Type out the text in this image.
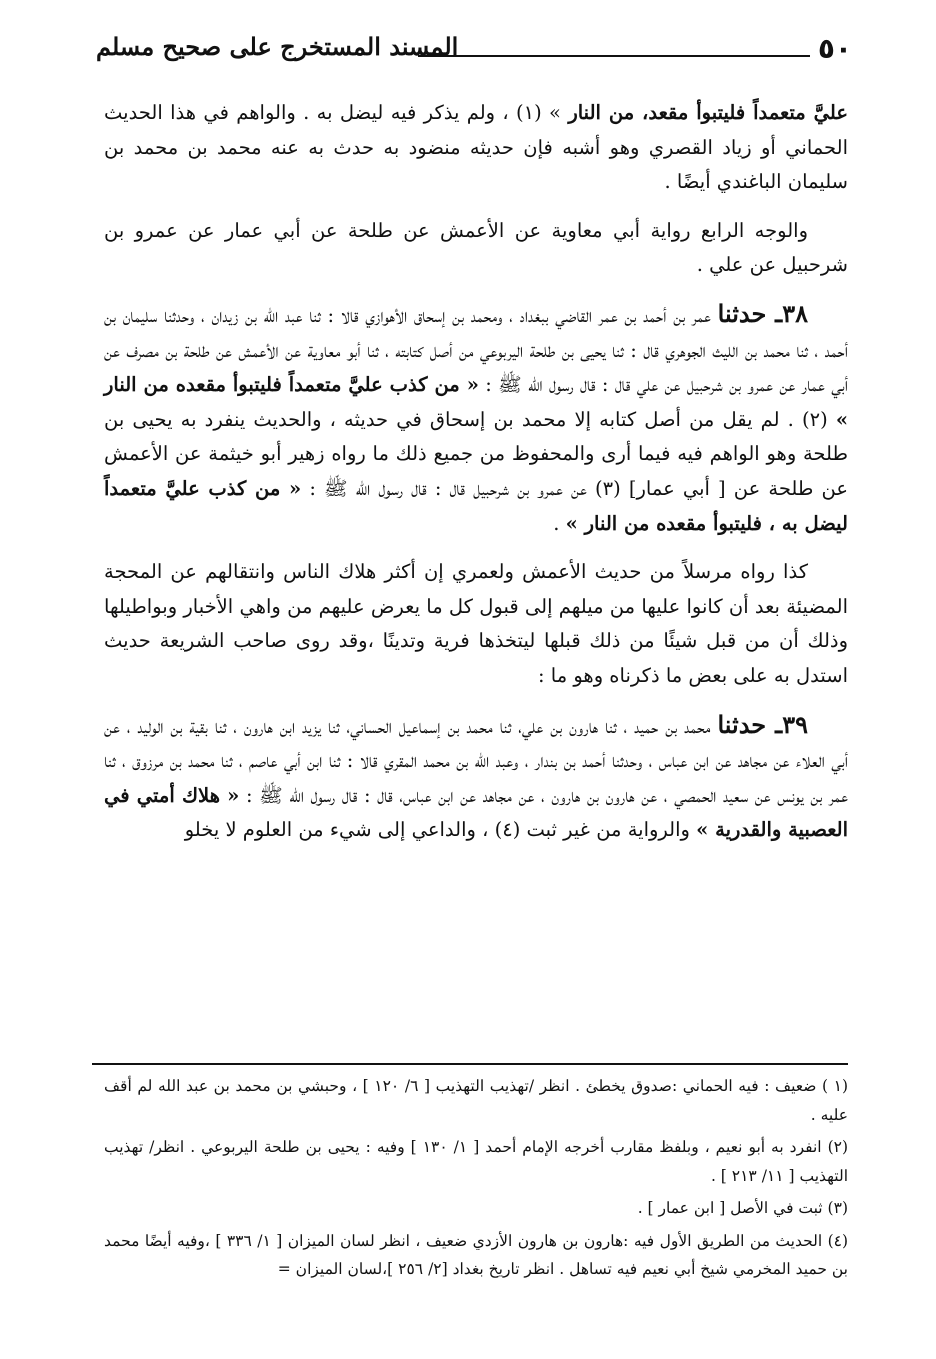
٥٠
المسند المستخرج على صحيح مسلم

عليَّ متعمداً فليتبوأ مقعد، من النار » (١) ، ولم يذكر فيه ليضل به . والواهم في هذا الحديث الحماني أو زياد القصري وهو أشبه فإن حديثه منضود به حدث به عنه محمد بن محمد بن سليمان الباغندي أيضًا .

والوجه الرابع رواية أبي معاوية عن الأعمش عن طلحة عن أبي عمار عن عمرو بن شرحبيل عن علي .

٣٨ـ حدثنا عمر بن أحمد بن عمر القاضي ببغداد ، ومحمد بن إسحاق الأهوازي قالا : ثنا عبد الله بن زيدان ، وحدثنا سليمان بن أحمد ، ثنا محمد بن الليث الجوهري قال : ثنا يحيى بن طلحة اليربوعي من أصل كتابته ، ثنا أبو معاوية عن الأعمش عن طلحة بن مصرف عن أبي عمار عن عمرو بن شرحبيل عن علي قال : قال رسول الله ﷺ : « من كذب عليَّ متعمداً فليتبوأ مقعده من النار » (٢) . لم يقل من أصل كتابه إلا محمد بن إسحاق في حديثه ، والحديث ينفرد به يحيى بن طلحة وهو الواهم فيه فيما أرى والمحفوظ من جميع ذلك ما رواه زهير أبو خيثمة عن الأعمش عن طلحة عن [ أبي عمار] (٣) عن عمرو بن شرحبيل قال : قال رسول الله ﷺ : « من كذب عليَّ متعمداً ليضل به ، فليتبوأ مقعده من النار » .

كذا رواه مرسلاً من حديث الأعمش ولعمري إن أكثر هلاك الناس وانتقالهم عن المحجة المضيئة بعد أن كانوا عليها من ميلهم إلى قبول كل ما يعرض عليهم من واهي الأخبار وبواطيلها وذلك أن من قبل شيئًا من ذلك قبلها ليتخذها فرية وتدينًا ،وقد روى صاحب الشريعة حديث استدل به على بعض ما ذكرناه وهو ما :

٣٩ـ حدثنا محمد بن حميد ، ثنا هارون بن علي، ثنا محمد بن إسماعيل الحساني، ثنا يزيد ابن هارون ، ثنا بقية بن الوليد ، عن أبي العلاء عن مجاهد عن ابن عباس ، وحدثنا أحمد بن بندار ، وعبد الله بن محمد المقري قالا : ثنا ابن أبي عاصم ، ثنا محمد بن مرزوق ، ثنا عمر بن يونس عن سعيد الحمصي ، عن هارون بن هارون ، عن مجاهد عن ابن عباس، قال : قال رسول الله ﷺ : « هلاك أمتي في العصبية والقدرية » والرواية من غير ثبت (٤) ، والداعي إلى شيء من العلوم لا يخلو

(١ ) ضعيف : فيه الحماني :صدوق يخطئ . انظر /تهذيب التهذيب [ ٦/ ١٢٠ ] ، وحبشي بن محمد بن عبد الله لم أقف عليه .

(٢) انفرد به أبو نعيم ، وبلفظ مقارب أخرجه الإمام أحمد [ ١/ ١٣٠ ] وفيه : يحيى بن طلحة اليربوعي . انظر/ تهذيب التهذيب [ ١١/ ٢١٣ ] .

(٣) ثبت في الأصل [ ابن عمار ] .

(٤) الحديث من الطريق الأول فيه :هارون بن هارون الأزدي ضعيف ، انظر لسان الميزان [ ١/ ٣٣٦ ] ،وفيه أيضًا محمد بن حميد المخرمي شيخ أبي نعيم فيه تساهل . انظر تاريخ بغداد [٢/ ٢٥٦ ]،لسان الميزان =
